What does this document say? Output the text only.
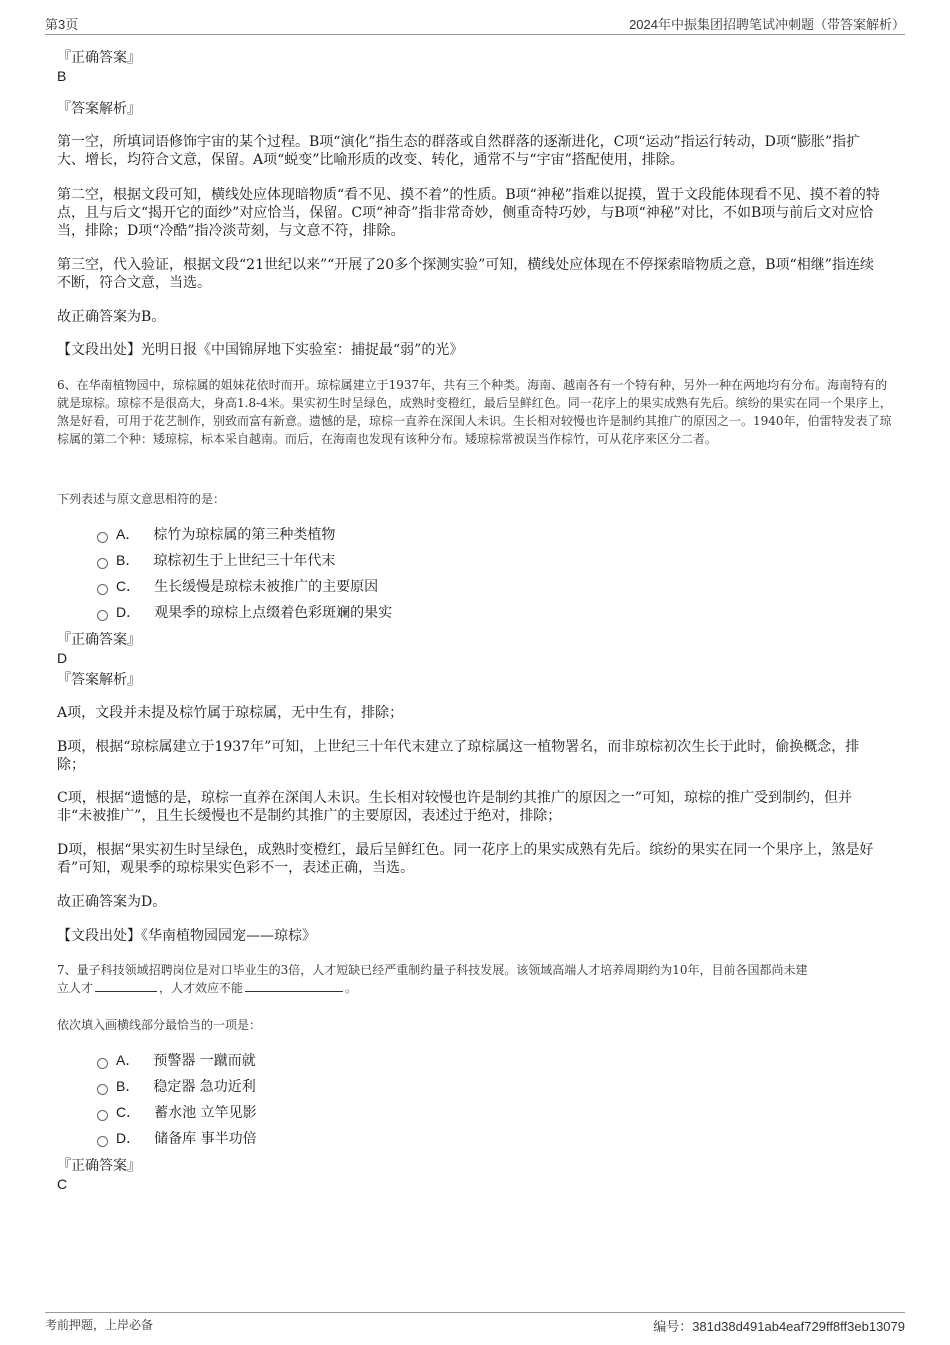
第3页	2024年中振集团招聘笔试冲刺题（带答案解析）

『正确答案』

B

『答案解析』

第一空，所填词语修饰宇宙的某个过程。B项“演化”指生态的群落或自然群落的逐渐进化，C项“运动”指运行转动，D项“膨胀”指扩大、增长，均符合文意，保留。A项“蜕变”比喻形质的改变、转化，通常不与“宇宙”搭配使用，排除。

第二空，根据文段可知，横线处应体现暗物质“看不见、摸不着”的性质。B项“神秘”指难以捉摸，置于文段能体现看不见、摸不着的特点，且与后文“揭开它的面纱”对应恰当，保留。C项“神奇”指非常奇妙，侧重奇特巧妙，与B项“神秘”对比，不如B项与前后文对应恰当，排除；D项“冷酷”指冷淡苛刻，与文意不符，排除。

第三空，代入验证，根据文段“21世纪以来”“开展了20多个探测实验”可知，横线处应体现在不停探索暗物质之意，B项“相继”指连续不断，符合文意，当选。

故正确答案为B。

【文段出处】光明日报《中国锦屏地下实验室：捕捉最“弱”的光》

6、在华南植物园中，琼棕属的姐妹花依时而开。琼棕属建立于1937年，共有三个种类。海南、越南各有一个特有种，另外一种在两地均有分布。海南特有的就是琼棕。琼棕不是很高大，身高1.8-4米。果实初生时呈绿色，成熟时变橙红，最后呈鲜红色。同一花序上的果实成熟有先后。缤纷的果实在同一个果序上，煞是好看，可用于花艺制作，别致而富有新意。遗憾的是，琼棕一直养在深闺人未识。生长相对较慢也许是制约其推广的原因之一。1940年，伯雷特发表了琼棕属的第二个种：矮琼棕，标本采自越南。而后，在海南也发现有该种分布。矮琼棕常被误当作棕竹，可从花序来区分二者。

下列表述与原文意思相符的是：

A． 棕竹为琼棕属的第三种类植物
B． 琼棕初生于上世纪三十年代末
C． 生长缓慢是琼棕未被推广的主要原因
D． 观果季的琼棕上点缀着色彩斑斓的果实

『正确答案』

D

『答案解析』

A项，文段并未提及棕竹属于琼棕属，无中生有，排除；

B项，根据“琼棕属建立于1937年”可知，上世纪三十年代末建立了琼棕属这一植物署名，而非琼棕初次生长于此时，偷换概念，排除；

C项，根据“遗憾的是，琼棕一直养在深闺人未识。生长相对较慢也许是制约其推广的原因之一”可知，琼棕的推广受到制约，但并非“未被推广”，且生长缓慢也不是制约其推广的主要原因，表述过于绝对，排除；

D项，根据“果实初生时呈绿色，成熟时变橙红，最后呈鲜红色。同一花序上的果实成熟有先后。缤纷的果实在同一个果序上，煞是好看”可知，观果季的琼棕果实色彩不一，表述正确，当选。

故正确答案为D。

【文段出处】《华南植物园园宠——琼棕》

7、量子科技领域招聘岗位是对口毕业生的3倍，人才短缺已经严重制约量子科技发展。该领域高端人才培养周期约为10年，目前各国都尚未建
立人才	，人才效应不能	。

依次填入画横线部分最恰当的一项是：

A． 预警器 一蹴而就
B． 稳定器 急功近利
C． 蓄水池 立竿见影
D． 储备库 事半功倍

『正确答案』

C

考前押题，上岸必备	编号：381d38d491ab4eaf729ff8ff3eb13079
